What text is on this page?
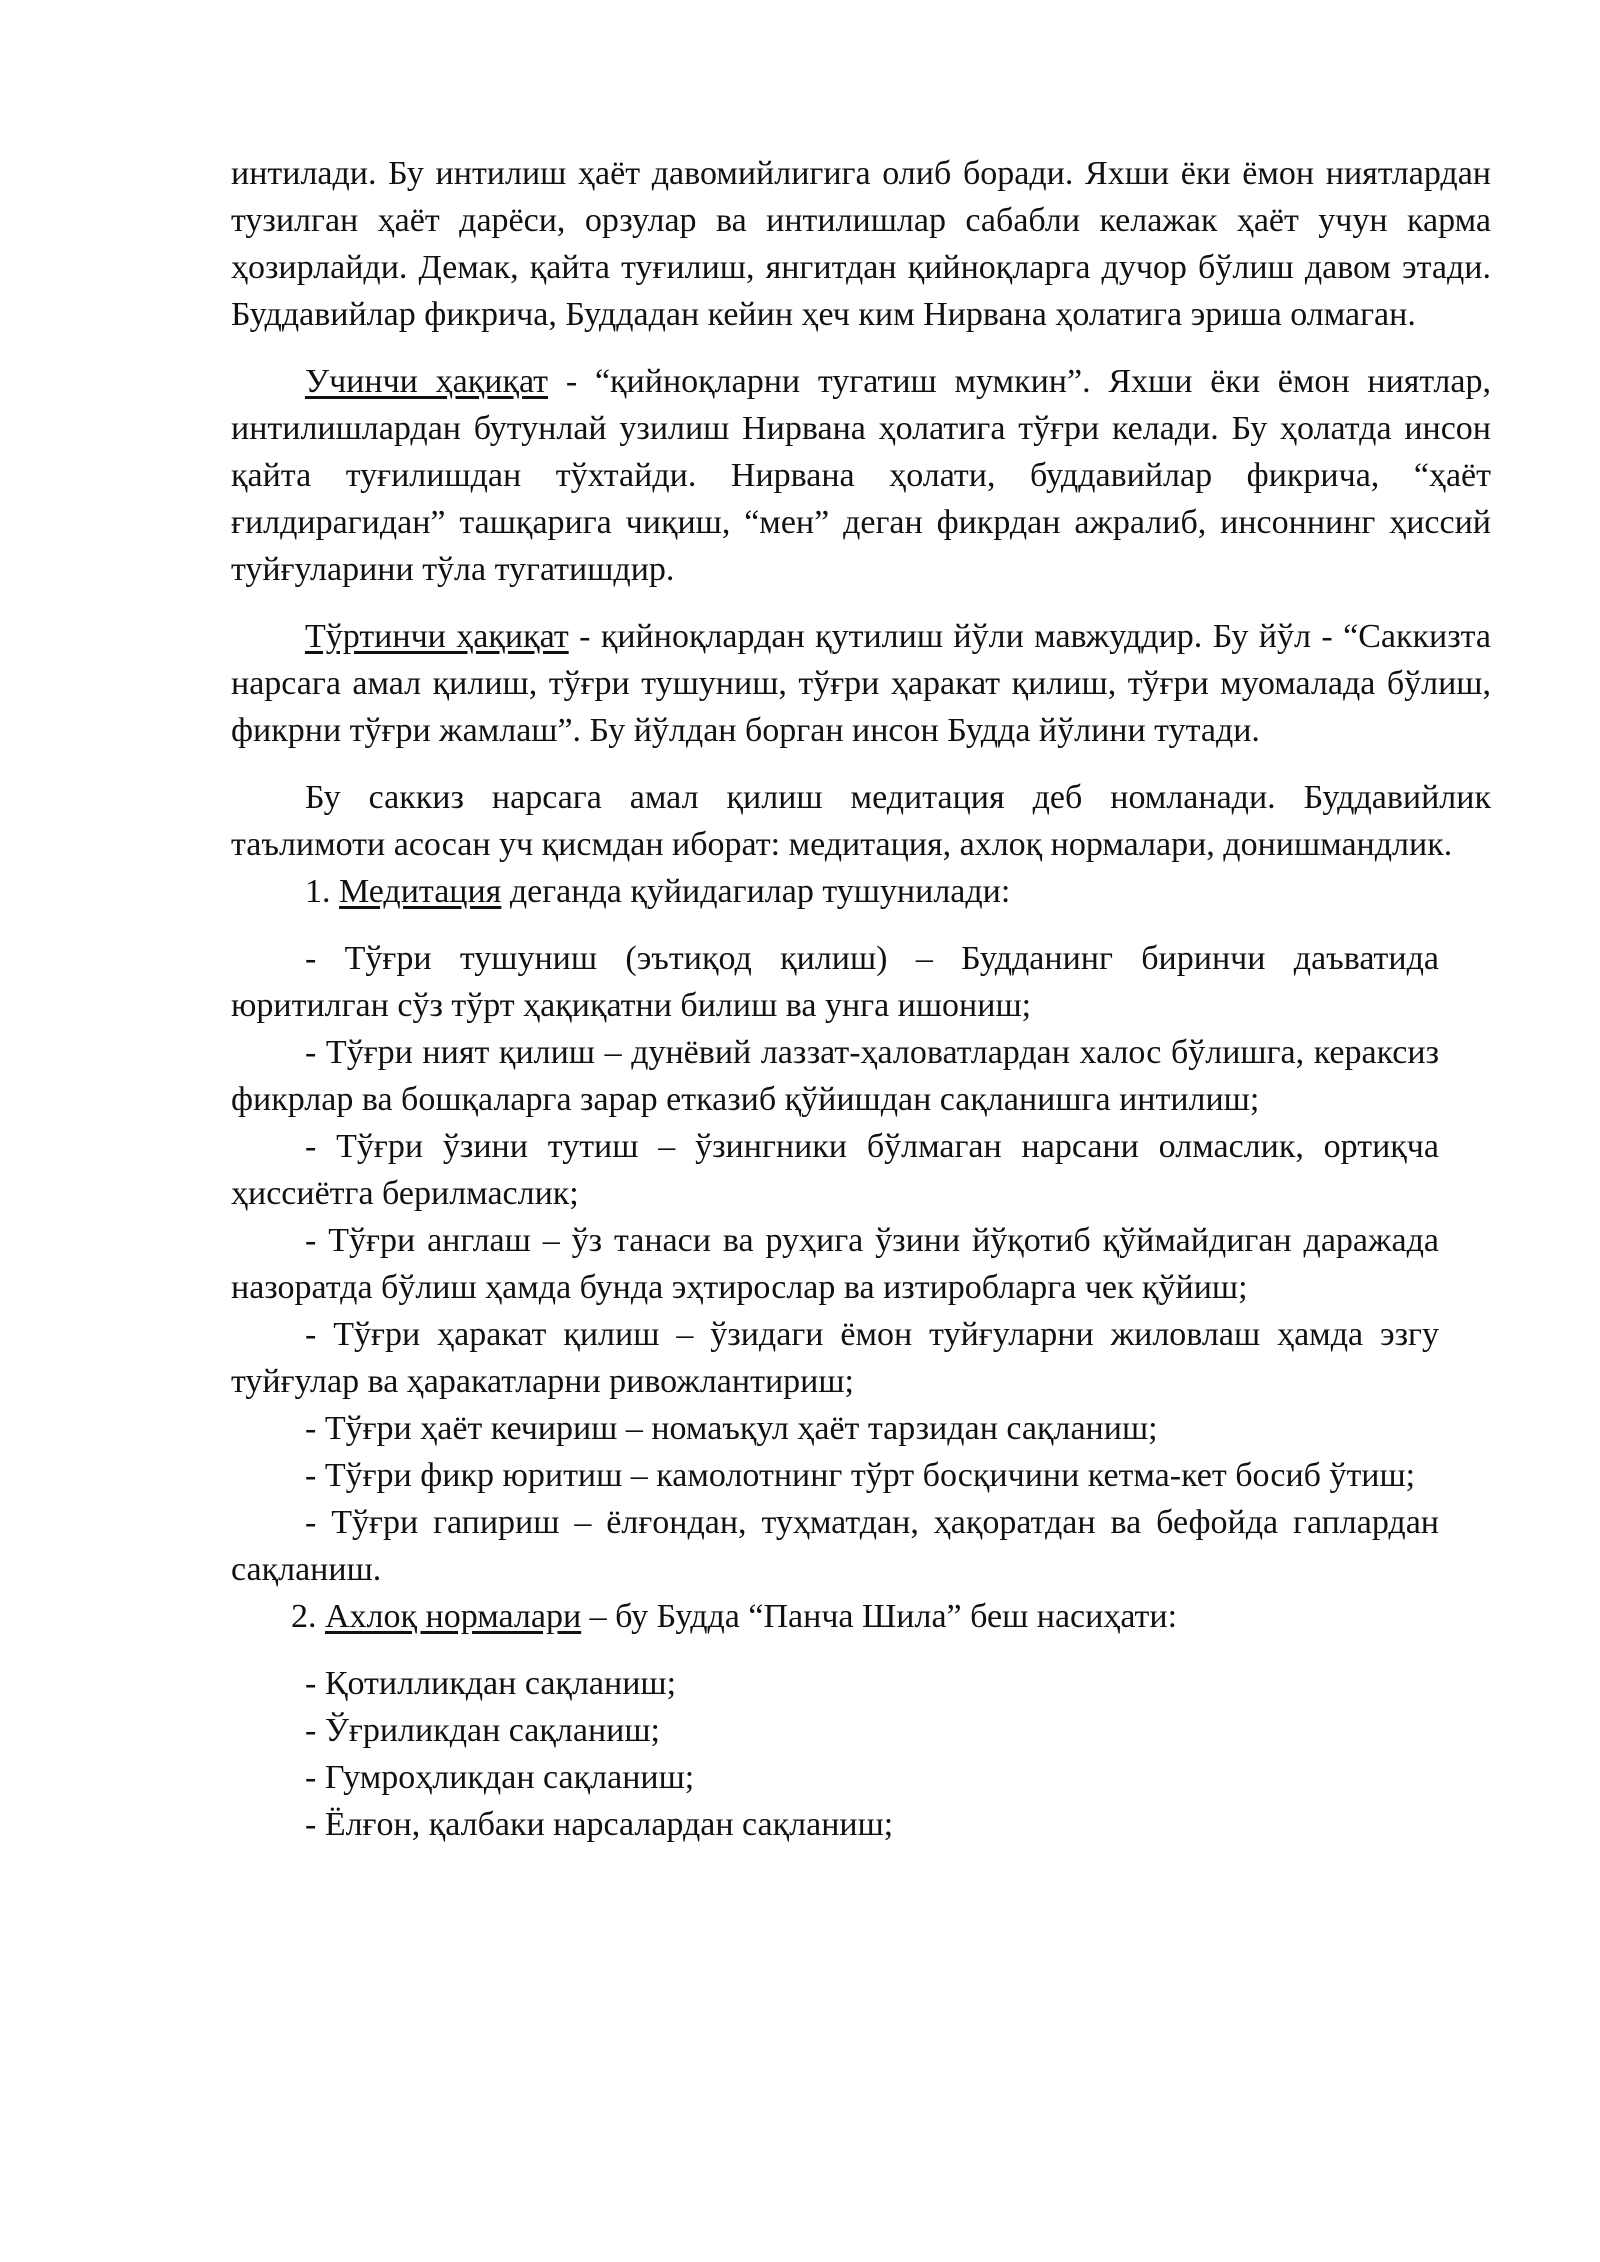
интилади. Бу интилиш ҳаёт давомийлигига олиб боради. Яхши ёки ёмон ниятлардан тузилган ҳаёт дарёси, орзулар ва интилишлар сабабли келажак ҳаёт учун карма ҳозирлайди. Демак, қайта туғилиш, янгитдан қийноқларга дучор бўлиш давом этади. Буддавийлар фикрича, Буддадан кейин ҳеч ким Нирвана ҳолатига эриша олмаган.

Учинчи ҳақиқат - “қийноқларни тугатиш мумкин”. Яхши ёки ёмон ниятлар, интилишлардан бутунлай узилиш Нирвана ҳолатига тўғри келади. Бу ҳолатда инсон қайта туғилишдан тўхтайди. Нирвана ҳолати, буддавийлар фикрича, “ҳаёт ғилдирагидан” ташқарига чиқиш, “мен” деган фикрдан ажралиб, инсоннинг ҳиссий туйғуларини тўла тугатишдир.

Тўртинчи ҳақиқат - қийноқлардан қутилиш йўли мавжуддир. Бу йўл - “Саккизта нарсага амал қилиш, тўғри тушуниш, тўғри ҳаракат қилиш, тўғри муомалада бўлиш, фикрни тўғри жамлаш”. Бу йўлдан борган инсон Будда йўлини тутади.

Бу саккиз нарсага амал қилиш медитация деб номланади. Буддавийлик таълимоти асосан уч қисмдан иборат: медитация, ахлоқ нормалари, донишмандлик.

1. Медитация деганда қуйидагилар тушунилади:

- Тўғри тушуниш (эътиқод қилиш) – Будданинг биринчи даъватида юритилган сўз тўрт ҳақиқатни билиш ва унга ишониш;

- Тўғри ният қилиш – дунёвий лаззат-ҳаловатлардан халос бўлишга, кераксиз фикрлар ва бошқаларга зарар етказиб қўйишдан сақланишга интилиш;

- Тўғри ўзини тутиш – ўзингники бўлмаган нарсани олмаслик, ортиқча ҳиссиётга берилмаслик;

- Тўғри англаш – ўз танаси ва руҳига ўзини йўқотиб қўймайдиган даражада назоратда бўлиш ҳамда бунда эҳтирослар ва изтиробларга чек қўйиш;

- Тўғри ҳаракат қилиш – ўзидаги ёмон туйғуларни жиловлаш ҳамда эзгу туйғулар ва ҳаракатларни ривожлантириш;

- Тўғри ҳаёт кечириш – номаъқул ҳаёт тарзидан сақланиш;

- Тўғри фикр юритиш – камолотнинг тўрт босқичини кетма-кет босиб ўтиш;

- Тўғри гапириш – ёлғондан, туҳматдан, ҳақоратдан ва бефойда гаплардан сақланиш.

2. Ахлоқ нормалари – бу Будда “Панча Шила” беш насиҳати:

- Қотилликдан сақланиш;

- Ўғриликдан сақланиш;

- Гумроҳликдан сақланиш;

- Ёлғон, қалбаки нарсалардан сақланиш;
